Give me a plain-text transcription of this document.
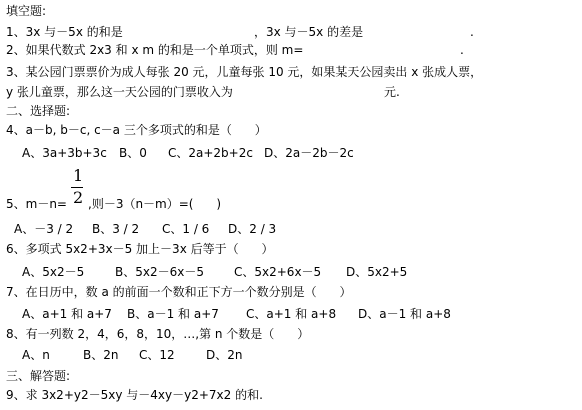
填空题:
1、3x 与－5x 的和是	，3x 与－5x 的差是	.
2、如果代数式 2x3 和 x m 的和是一个单项式，则 m=	.
3、某公园门票票价为成人每张 20 元，儿童每张 10 元，如果某天公园卖出 x 张成人票，
y 张儿童票，那么这一天公园的门票收入为	元.
二、选择题:
4、a－b, b－c, c－a 三个多项式的和是（      ）
A、3a+3b+3c B、0 C、2a+2b+2c D、2a－2b－2c
5、m－n=
1
2 ,则－3（n－m）=(      )
A、－3 / 2 B、3 / 2 C、1 / 6 D、2 / 3
6、多项式 5x2+3x－5 加上－3x 后等于（      ）
A、5x2－5	B、5x2－6x－5	C、5x2+6x－5 D、5x2+5
7、在日历中，数 a 的前面一个数和正下方一个数分别是（      ）
A、a+1 和 a+7 B、a－1 和 a+7 C、a+1 和 a+8 D、a－1 和 a+8
8、有一列数 2，4，6，8，10，…,第 n 个数是（      ）
A、n	B、2n C、12	D、2n
三、解答题:
9、求 3x2+y2－5xy 与－4xy－y2+7x2 的和.
